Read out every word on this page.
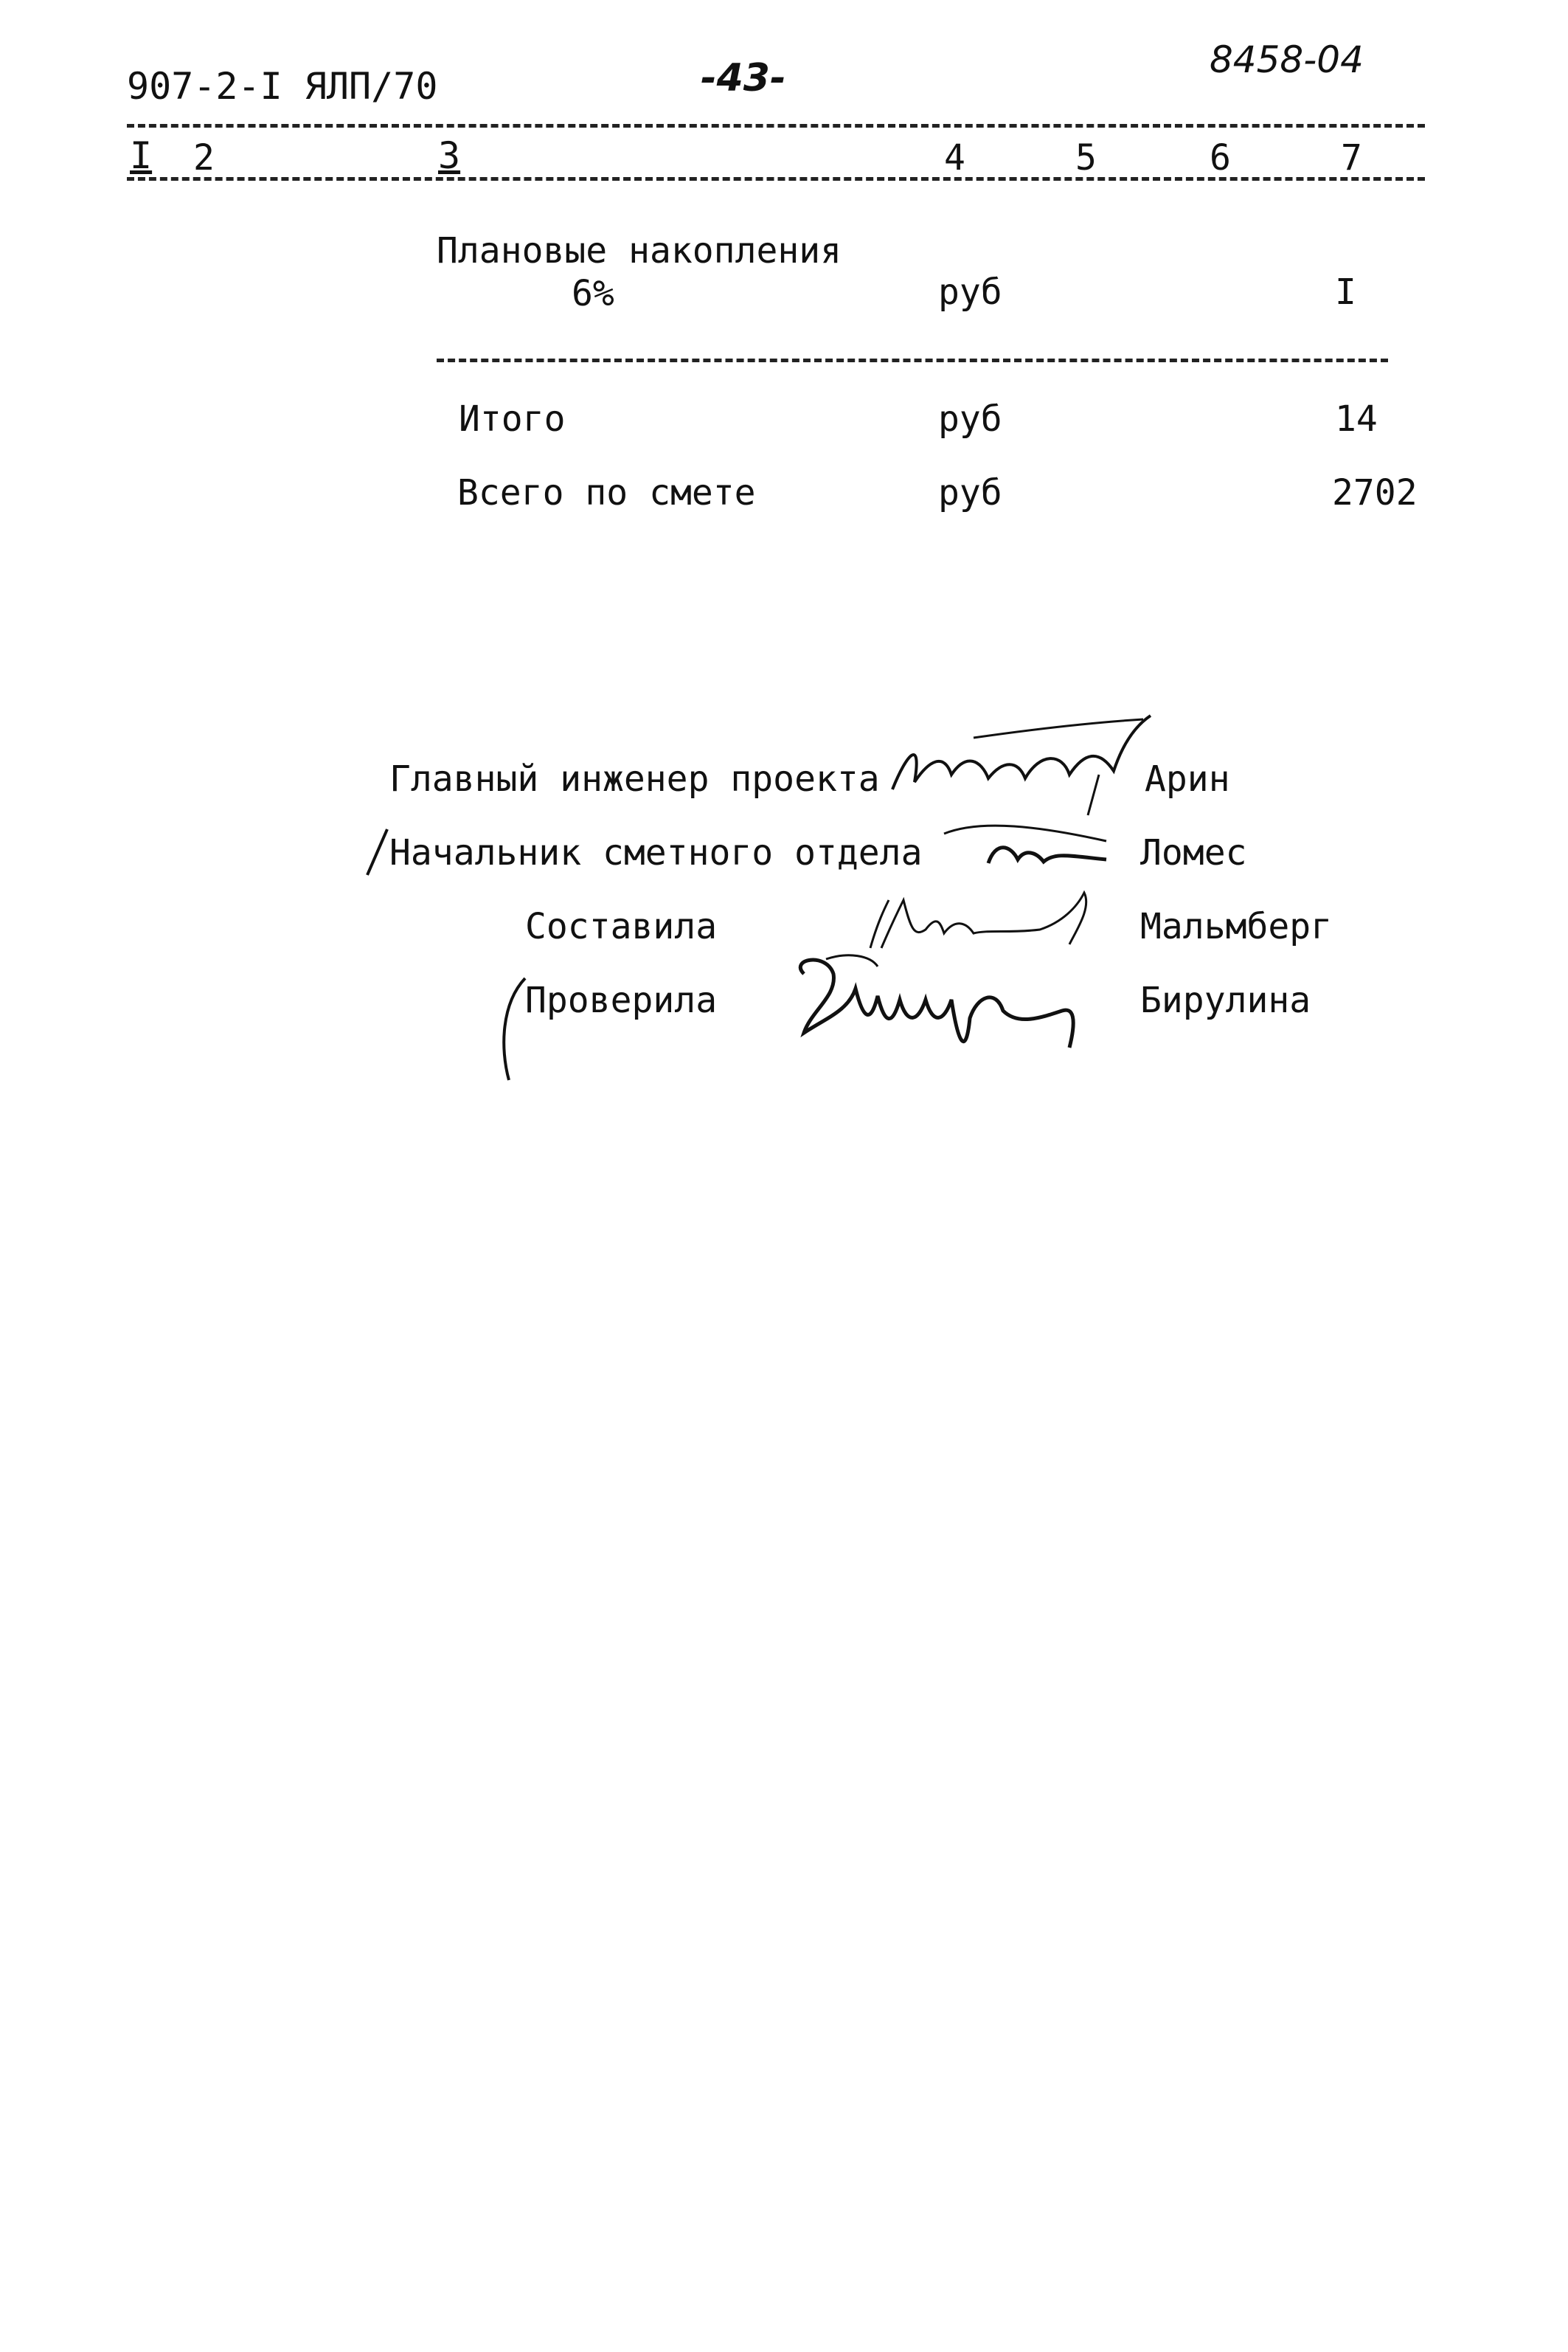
907-2-I ЯЛП/70	-43-	8458-04
I 2	3	4	5	6	7
Плановые накопления
6%	руб	I
Итого	руб	14
Всего по смете	руб	2702
Главный инженер проекта	Арин
Начальник сметного отдела	Ломес
Составила	Мальмберг
Проверила	Бирулина
